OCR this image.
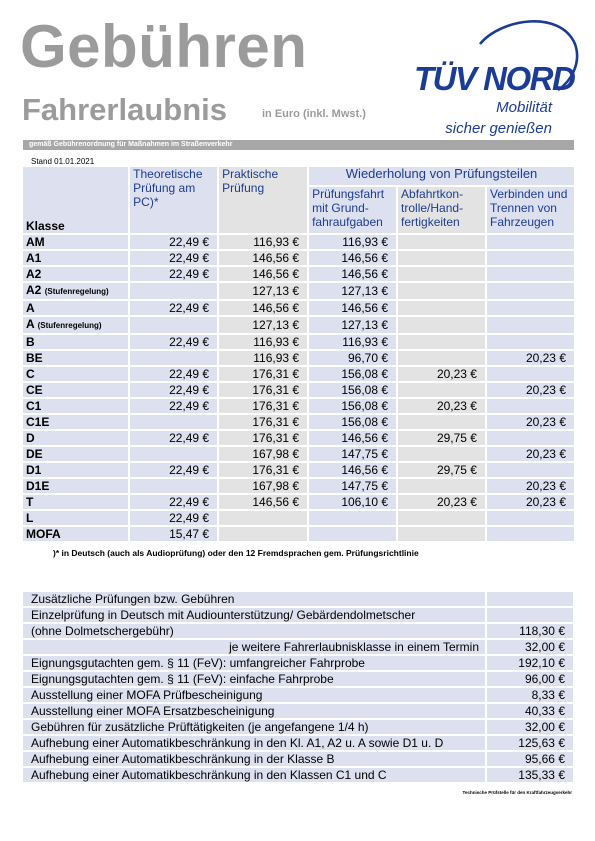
Gebühren
Fahrerlaubnis	in Euro (inkl. Mwst.)
TÜV NORD
Mobilität
sicher genießen
gemäß Gebührenordnung für Maßnahmen im Straßenverkehr
Stand 01.01.2021
Klasse	Theoretische Prüfung am PC)*	Praktische Prüfung	Wiederholung von Prüfungsteilen		
			Prüfungsfahrt mit Grund-fahraufgaben	Abfahrtkon-trolle/Hand-fertigkeiten	Verbinden und Trennen von Fahrzeugen
AM	22,49 €	116,93 €	116,93 €		
A1	22,49 €	146,56 €	146,56 €		
A2	22,49 €	146,56 €	146,56 €		
A2 (Stufenregelung)		127,13 €	127,13 €		
A	22,49 €	146,56 €	146,56 €		
A (Stufenregelung)		127,13 €	127,13 €		
B	22,49 €	116,93 €	116,93 €		
BE		116,93 €	96,70 €		20,23 €
C	22,49 €	176,31 €	156,08 €	20,23 €	
CE	22,49 €	176,31 €	156,08 €		20,23 €
C1	22,49 €	176,31 €	156,08 €	20,23 €	
C1E		176,31 €	156,08 €		20,23 €
D	22,49 €	176,31 €	146,56 €	29,75 €	
DE		167,98 €	147,75 €		20,23 €
D1	22,49 €	176,31 €	146,56 €	29,75 €	
D1E		167,98 €	147,75 €		20,23 €
T	22,49 €	146,56 €	106,10 €	20,23 €	20,23 €
L	22,49 €				
MOFA	15,47 €				
)* in Deutsch (auch als Audioprüfung) oder den 12 Fremdsprachen gem. Prüfungsrichtlinie
Zusätzliche Prüfungen bzw. Gebühren	
Einzelprüfung in Deutsch mit Audiounterstützung/ Gebärdendolmetscher	
(ohne Dolmetschergebühr)	118,30 €
je weitere Fahrerlaubnisklasse in einem Termin	32,00 €
Eignungsgutachten gem. § 11 (FeV): umfangreicher Fahrprobe	192,10 €
Eignungsgutachten gem. § 11 (FeV): einfache Fahrprobe	96,00 €
Ausstellung einer MOFA Prüfbescheinigung	8,33 €
Ausstellung einer MOFA Ersatzbescheinigung	40,33 €
Gebühren für zusätzliche Prüftätigkeiten (je angefangene 1/4 h)	32,00 €
Aufhebung einer Automatikbeschränkung in den Kl. A1, A2 u. A sowie D1 u. D	125,63 €
Aufhebung einer Automatikbeschränkung in der Klasse B	95,66 €
Aufhebung einer Automatikbeschränkung in den Klassen C1 und C	135,33 €
Technische Prüfstelle für den Kraftfahrzeugverkehr
